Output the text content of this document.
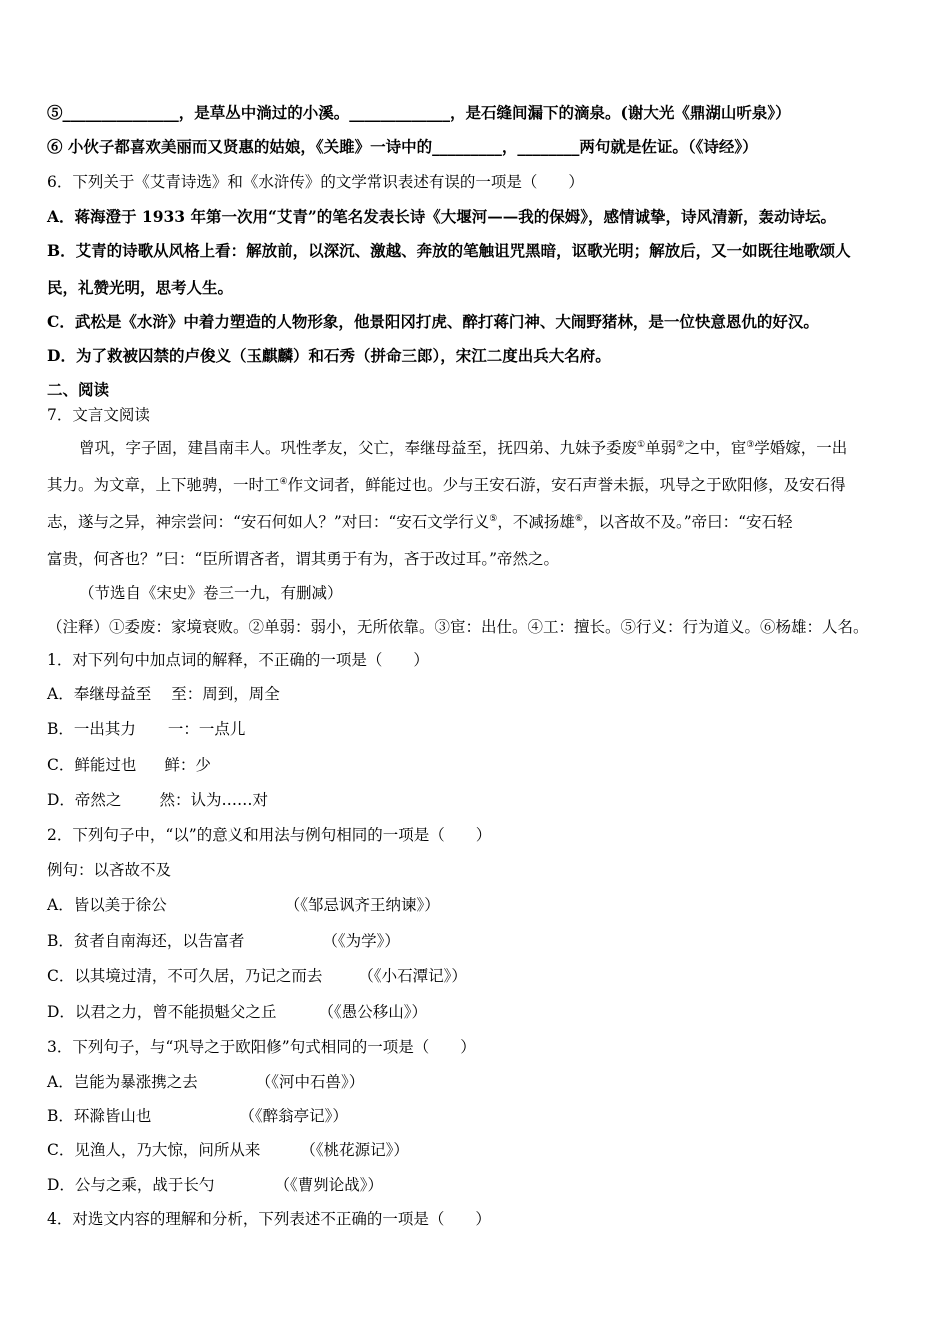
⑤_______________，是草丛中淌过的小溪。_____________，是石缝间漏下的滴泉。(谢大光《鼎湖山听泉》）
⑥ 小伙子都喜欢美丽而又贤惠的姑娘，《关雎》一诗中的_________，________两句就是佐证。（《诗经》）
6．下列关于《艾青诗选》和《水浒传》的文学常识表述有误的一项是（　　）
A．蒋海澄于 1933 年第一次用“艾青”的笔名发表长诗《大堰河——我的保姆》，感情诚挚，诗风清新，轰动诗坛。
B．艾青的诗歌从风格上看：解放前，以深沉、激越、奔放的笔触诅咒黑暗，讴歌光明；解放后，又一如既往地歌颂人
民，礼赞光明，思考人生。
C．武松是《水浒》中着力塑造的人物形象，他景阳冈打虎、醉打蒋门神、大闹野猪林，是一位快意恩仇的好汉。
D．为了救被囚禁的卢俊义（玉麒麟）和石秀（拼命三郎），宋江二度出兵大名府。
二、阅读
7．文言文阅读
曾巩，字子固，建昌南丰人。巩性孝友，父亡，奉继母益至，抚四弟、九妹予委废①单弱②之中，宦③学婚嫁，一出
其力。为文章，上下驰骋，一时工④作文词者，鲜能过也。少与王安石游，安石声誉未振，巩导之于欧阳修，及安石得
志，遂与之异，神宗尝问：“安石何如人？”对曰：“安石文学行义⑤，不减扬雄⑥，以吝故不及。”帝曰：“安石轻
富贵，何吝也？”曰：“臣所谓吝者，谓其勇于有为，吝于改过耳。”帝然之。
（节选自《宋史》卷三一九，有删减）
（注释）①委废：家境衰败。②单弱：弱小，无所依靠。③宦：出仕。④工：擅长。⑤行义：行为道义。⑥杨雄：人名。
1．对下列句中加点词的解释，不正确的一项是（　　）
A．奉继母益至 至：周到，周全
B．一出其力 一：一点儿
C．鲜能过也 鲜：少
D．帝然之 然：认为……对
2．下列句子中，“以”的意义和用法与例句相同的一项是（　　）
例句：以吝故不及
A．皆以美于徐公	（《邹忌讽齐王纳谏》）
B．贫者自南海还，以告富者	（《为学》）
C．以其境过清，不可久居，乃记之而去 （《小石潭记》）
D．以君之力，曾不能损魁父之丘	（《愚公移山》）
3．下列句子，与“巩导之于欧阳修”句式相同的一项是（　　）
A．岂能为暴涨携之去	（《河中石兽》）
B．环滁皆山也	（《醉翁亭记》）
C．见渔人，乃大惊，问所从来	（《桃花源记》）
D．公与之乘，战于长勺	（《曹刿论战》）
4．对选文内容的理解和分析，下列表述不正确的一项是（　　）
